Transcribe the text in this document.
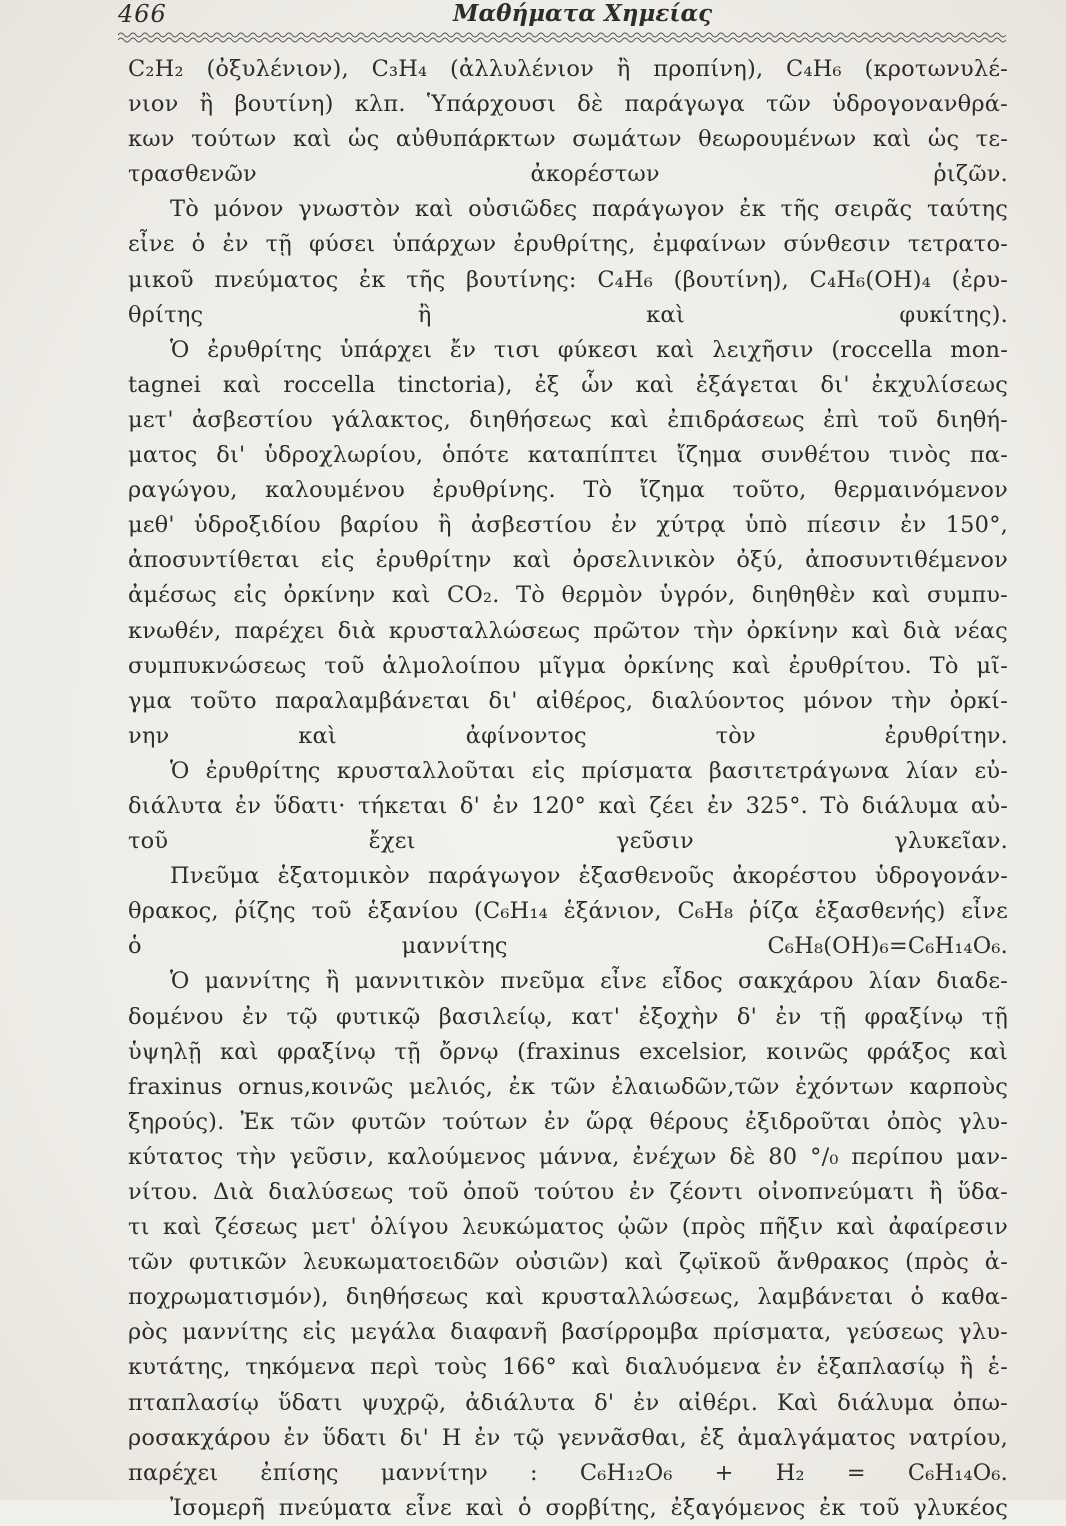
466	Μαθήματα Χημείας

C₂H₂ (ὀξυλένιον), C₃H₄ (ἀλλυλένιον ἢ προπίνη), C₄H₆ (κροτωνυλέ-
νιον ἢ βουτίνη) κλπ. Ὑπάρχουσι δὲ παράγωγα τῶν ὑδρογονανθρά-
κων τούτων καὶ ὡς αὐθυπάρκτων σωμάτων θεωρουμένων καὶ ὡς τε-
τρασθενῶν ἀκορέστων ῥιζῶν.
Τὸ μόνον γνωστὸν καὶ οὐσιῶδες παράγωγον ἐκ τῆς σειρᾶς ταύτης
εἶνε ὁ ἐν τῇ φύσει ὑπάρχων ἐρυθρίτης, ἐμφαίνων σύνθεσιν τετρατο-
μικοῦ πνεύματος ἐκ τῆς βουτίνης: C₄H₆ (βουτίνη), C₄H₆(OH)₄ (ἐρυ-
θρίτης ἢ καὶ φυκίτης).
Ὁ ἐρυθρίτης ὑπάρχει ἔν τισι φύκεσι καὶ λειχῆσιν (roccella mon-
tagnei καὶ roccella tinctoria), ἐξ ὧν καὶ ἐξάγεται δι' ἐκχυλίσεως
μετ' ἀσβεστίου γάλακτος, διηθήσεως καὶ ἐπιδράσεως ἐπὶ τοῦ διηθή-
ματος δι' ὑδροχλωρίου, ὁπότε καταπίπτει ἴζημα συνθέτου τινὸς πα-
ραγώγου, καλουμένου ἐρυθρίνης. Τὸ ἴζημα τοῦτο, θερμαινόμενον
μεθ' ὑδροξιδίου βαρίου ἢ ἀσβεστίου ἐν χύτρᾳ ὑπὸ πίεσιν ἐν 150°,
ἀποσυντίθεται εἰς ἐρυθρίτην καὶ ὀρσελινικὸν ὀξύ, ἀποσυντιθέμενον
ἀμέσως εἰς ὀρκίνην καὶ CO₂. Τὸ θερμὸν ὑγρόν, διηθηθὲν καὶ συμπυ-
κνωθέν, παρέχει διὰ κρυσταλλώσεως πρῶτον τὴν ὀρκίνην καὶ διὰ νέας
συμπυκνώσεως τοῦ ἁλμολοίπου μῖγμα ὀρκίνης καὶ ἐρυθρίτου. Τὸ μῖ-
γμα τοῦτο παραλαμβάνεται δι' αἰθέρος, διαλύοντος μόνον τὴν ὀρκί-
νην καὶ ἀφίνοντος τὸν ἐρυθρίτην.
Ὁ ἐρυθρίτης κρυσταλλοῦται εἰς πρίσματα βασιτετράγωνα λίαν εὐ-
διάλυτα ἐν ὕδατι· τήκεται δ' ἐν 120° καὶ ζέει ἐν 325°. Τὸ διάλυμα αὐ-
τοῦ ἔχει γεῦσιν γλυκεῖαν.
Πνεῦμα ἑξατομικὸν παράγωγον ἑξασθενοῦς ἀκορέστου ὑδρογονάν-
θρακος, ῥίζης τοῦ ἑξανίου (C₆H₁₄ ἑξάνιον, C₆H₈ ῥίζα ἑξασθενής) εἶνε
ὁ μαννίτης C₆H₈(OH)₆=C₆H₁₄O₆.
Ὁ μαννίτης ἢ μαννιτικὸν πνεῦμα εἶνε εἶδος σακχάρου λίαν διαδε-
δομένου ἐν τῷ φυτικῷ βασιλείῳ, κατ' ἐξοχὴν δ' ἐν τῇ φραξίνῳ τῇ
ὑψηλῇ καὶ φραξίνῳ τῇ ὄρνῳ (fraxinus excelsior, κοινῶς φράξος καὶ
fraxinus ornus,κοινῶς μελιός, ἐκ τῶν ἐλαιωδῶν,τῶν ἐχόντων καρποὺς
ξηρούς). Ἐκ τῶν φυτῶν τούτων ἐν ὥρᾳ θέρους ἐξιδροῦται ὀπὸς γλυ-
κύτατος τὴν γεῦσιν, καλούμενος μάννα, ἐνέχων δὲ 80 °/₀ περίπου μαν-
νίτου. Διὰ διαλύσεως τοῦ ὀποῦ τούτου ἐν ζέοντι οἰνοπνεύματι ἢ ὕδα-
τι καὶ ζέσεως μετ' ὀλίγου λευκώματος ᾠῶν (πρὸς πῆξιν καὶ ἀφαίρεσιν
τῶν φυτικῶν λευκωματοειδῶν οὐσιῶν) καὶ ζῳϊκοῦ ἄνθρακος (πρὸς ἀ-
ποχρωματισμόν), διηθήσεως καὶ κρυσταλλώσεως, λαμβάνεται ὁ καθα-
ρὸς μαννίτης εἰς μεγάλα διαφανῆ βασίρρομβα πρίσματα, γεύσεως γλυ-
κυτάτης, τηκόμενα περὶ τοὺς 166° καὶ διαλυόμενα ἐν ἑξαπλασίῳ ἢ ἑ-
πταπλασίῳ ὕδατι ψυχρῷ, ἀδιάλυτα δ' ἐν αἰθέρι. Καὶ διάλυμα ὀπω-
ροσακχάρου ἐν ὕδατι δι' H ἐν τῷ γεννᾶσθαι, ἐξ ἀμαλγάματος νατρίου,
παρέχει ἐπίσης μαννίτην : C₆H₁₂O₆ + H₂ = C₆H₁₄O₆.
Ἰσομερῆ πνεύματα εἶνε καὶ ὁ σορβίτης, ἐξαγόμενος ἐκ τοῦ γλυκέος
